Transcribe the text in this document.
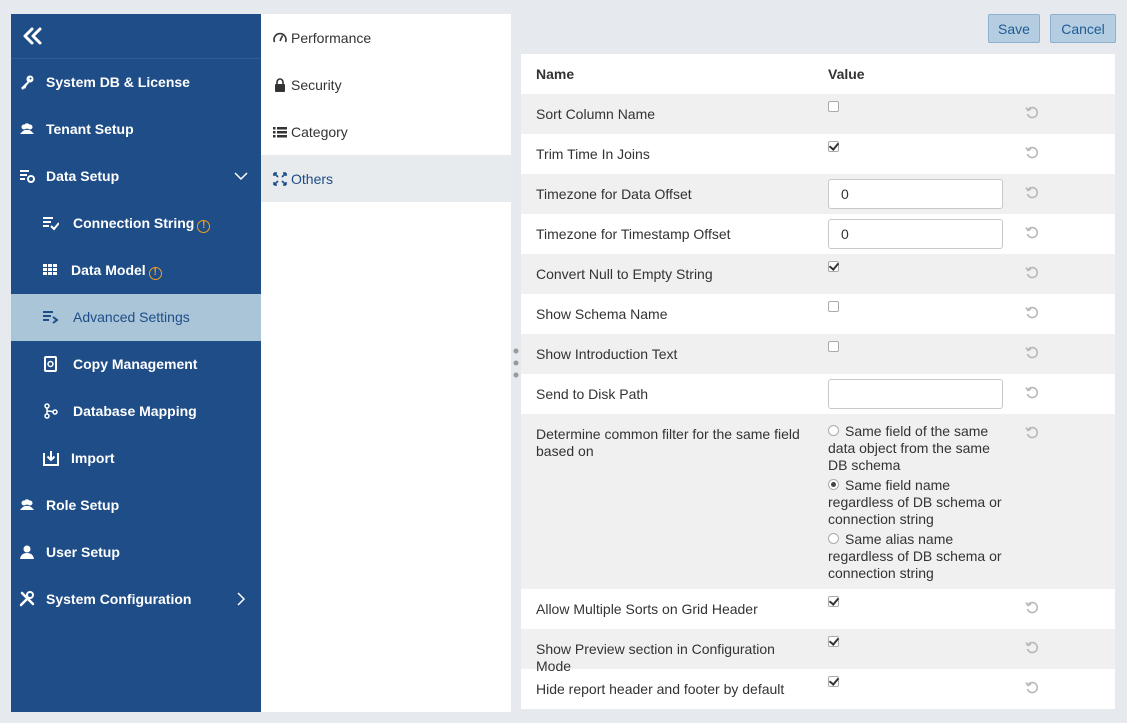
System DB & License
Tenant Setup
Data Setup
Connection String !
Data Model !
Advanced Settings
Copy Management
Database Mapping
Import
Role Setup
User Setup
System Configuration
Performance
Security
Category
Others
Save	Cancel
Name	Value
Sort Column Name
Trim Time In Joins
Timezone for Data Offset
0
Timezone for Timestamp Offset
0
Convert Null to Empty String
Show Schema Name
Show Introduction Text
Send to Disk Path
Determine common filter for the same field based on
Same field of the same data object from the same DB schema
Same field name regardless of DB schema or connection string
Same alias name regardless of DB schema or connection string
Allow Multiple Sorts on Grid Header
Show Preview section in Configuration Mode
Hide report header and footer by default
